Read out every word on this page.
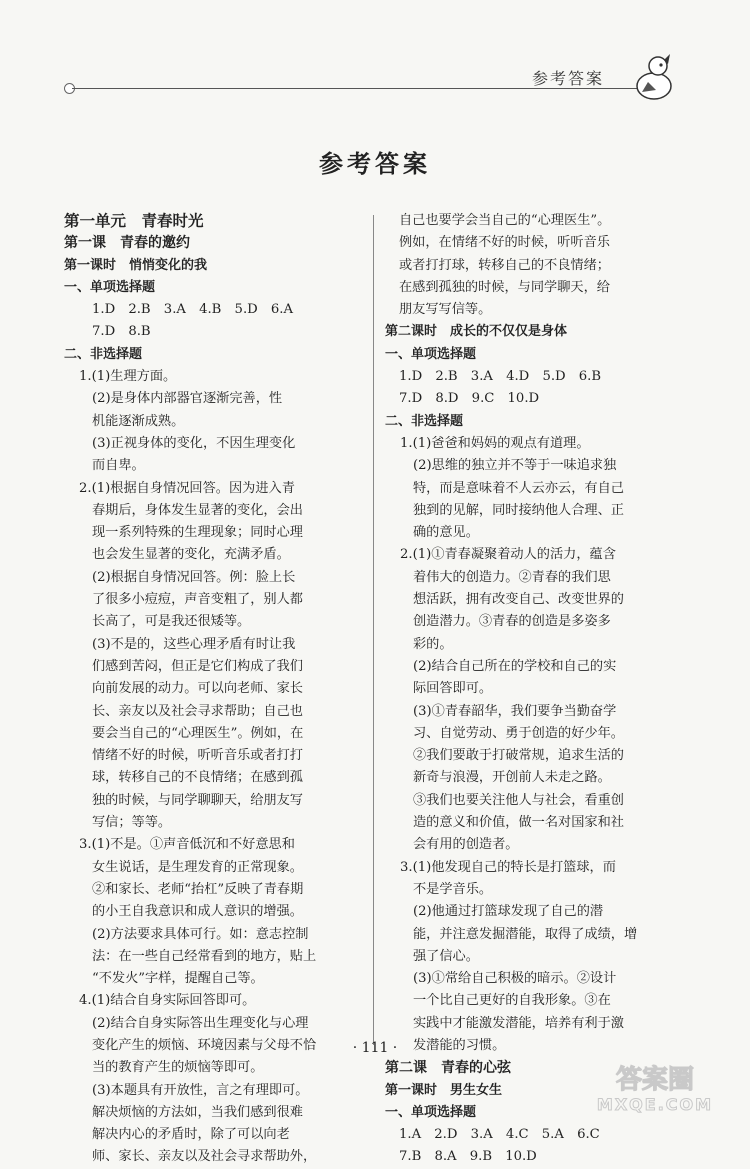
参考答案
参考答案
第一单元　青春时光
第一课　青春的邀约
第一课时　悄悄变化的我
一、单项选择题
1.D　2.B　3.A　4.B　5.D　6.A
7.D　8.B
二、非选择题
1.(1)生理方面。
(2)是身体内部器官逐渐完善，性
机能逐渐成熟。
(3)正视身体的变化，不因生理变化
而自卑。
2.(1)根据自身情况回答。因为进入青
春期后，身体发生显著的变化，会出
现一系列特殊的生理现象；同时心理
也会发生显著的变化，充满矛盾。
(2)根据自身情况回答。例：脸上长
了很多小痘痘，声音变粗了，别人都
长高了，可是我还很矮等。
(3)不是的，这些心理矛盾有时让我
们感到苦闷，但正是它们构成了我们
向前发展的动力。可以向老师、家长
长、亲友以及社会寻求帮助；自己也
要会当自己的“心理医生”。例如，在
情绪不好的时候，听听音乐或者打打
球，转移自己的不良情绪；在感到孤
独的时候，与同学聊聊天，给朋友写
写信；等等。
3.(1)不是。①声音低沉和不好意思和
女生说话，是生理发育的正常现象。
②和家长、老师“抬杠”反映了青春期
的小王自我意识和成人意识的增强。
(2)方法要求具体可行。如：意志控制
法：在一些自己经常看到的地方，贴上
“不发火”字样，提醒自己等。
4.(1)结合自身实际回答即可。
(2)结合自身实际答出生理变化与心理
变化产生的烦恼、环境因素与父母不恰
当的教育产生的烦恼等即可。
(3)本题具有开放性，言之有理即可。
解决烦恼的方法如，当我们感到很难
解决内心的矛盾时，除了可以向老
师、家长、亲友以及社会寻求帮助外，
自己也要学会当自己的“心理医生”。
例如，在情绪不好的时候，听听音乐
或者打打球，转移自己的不良情绪；
在感到孤独的时候，与同学聊天，给
朋友写写信等。
第二课时　成长的不仅仅是身体
一、单项选择题
1.D　2.B　3.A　4.D　5.D　6.B
7.D　8.D　9.C　10.D
二、非选择题
1.(1)爸爸和妈妈的观点有道理。
(2)思维的独立并不等于一味追求独
特，而是意味着不人云亦云，有自己
独到的见解，同时接纳他人合理、正
确的意见。
2.(1)①青春凝聚着动人的活力，蕴含
着伟大的创造力。②青春的我们思
想活跃，拥有改变自己、改变世界的
创造潜力。③青春的创造是多姿多
彩的。
(2)结合自己所在的学校和自己的实
际回答即可。
(3)①青春韶华，我们要争当勤奋学
习、自觉劳动、勇于创造的好少年。
②我们要敢于打破常规，追求生活的
新奇与浪漫，开创前人未走之路。
③我们也要关注他人与社会，看重创
造的意义和价值，做一名对国家和社
会有用的创造者。
3.(1)他发现自己的特长是打篮球，而
不是学音乐。
(2)他通过打篮球发现了自己的潜
能，并注意发掘潜能，取得了成绩，增
强了信心。
(3)①常给自己积极的暗示。②设计
一个比自己更好的自我形象。③在
实践中才能激发潜能，培养有利于激
发潜能的习惯。
第二课　青春的心弦
第一课时　男生女生
一、单项选择题
1.A　2.D　3.A　4.C　5.A　6.C
7.B　8.A　9.B　10.D
· 111 ·
答案圈
MXQE.COM
